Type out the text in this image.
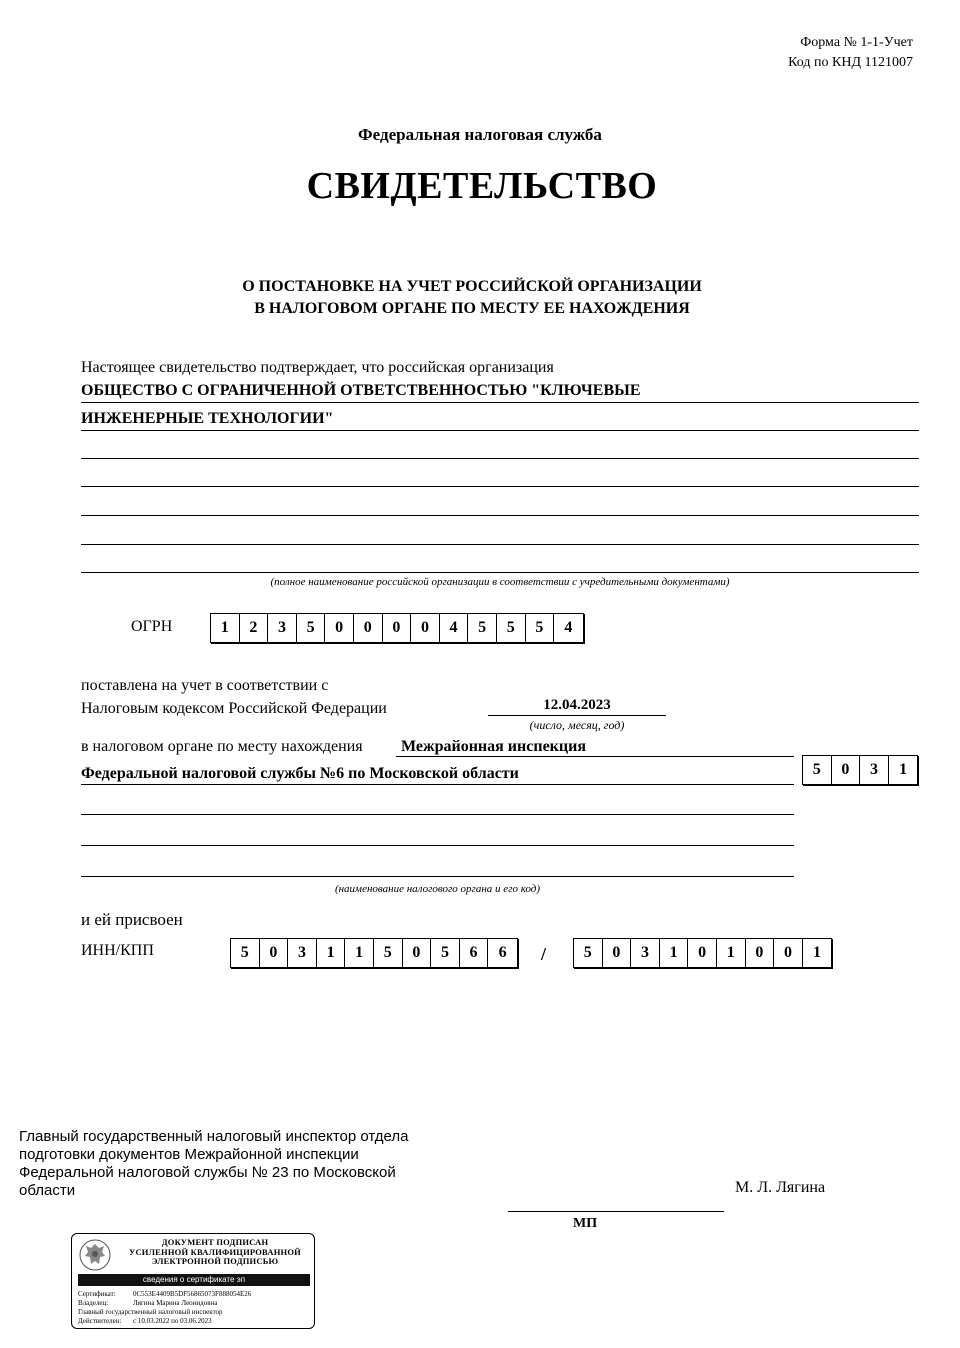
Форма № 1-1-Учет
Код по КНД 1121007
Федеральная налоговая служба
СВИДЕТЕЛЬСТВО
О ПОСТАНОВКЕ НА УЧЕТ РОССИЙСКОЙ ОРГАНИЗАЦИИ
В НАЛОГОВОМ ОРГАНЕ ПО МЕСТУ ЕЕ НАХОЖДЕНИЯ
Настоящее свидетельство подтверждает, что российская организация
ОБЩЕСТВО С ОГРАНИЧЕННОЙ ОТВЕТСТВЕННОСТЬЮ "КЛЮЧЕВЫЕ
ИНЖЕНЕРНЫЕ ТЕХНОЛОГИИ"
(полное наименование российской организации в соответствии с учредительными документами)
ОГРН	1	2	3	5	0	0	0	0	4	5	5	5	4
поставлена на учет в соответствии с
Налоговым кодексом Российской Федерации	12.04.2023
(число, месяц, год)
в налоговом органе по месту нахождения Межрайонная инспекция
Федеральной налоговой службы №6 по Московской области	5	0	3	1
(наименование налогового органа и его код)
и ей присвоен
ИНН/КПП	5	0	3	1	1	5	0	5	6	6	/	5	0	3	1	0	1	0	0	1
Главный государственный налоговый инспектор отдела
подготовки документов Межрайонной инспекции
Федеральной налоговой службы № 23 по Московской
области
МП
М. Л. Лягина
ДОКУМЕНТ ПОДПИСАН
УСИЛЕННОЙ КВАЛИФИЦИРОВАННОЙ
ЭЛЕКТРОННОЙ ПОДПИСЬЮ
сведения о сертификате эп
Сертификат: 0C553E4409B5DF56865073F888054E26
Владелец:	Лягина Марина Леонидовна
Главный государственный налоговый инспектор
Действителен: с 10.03.2022 по 03.06.2023
